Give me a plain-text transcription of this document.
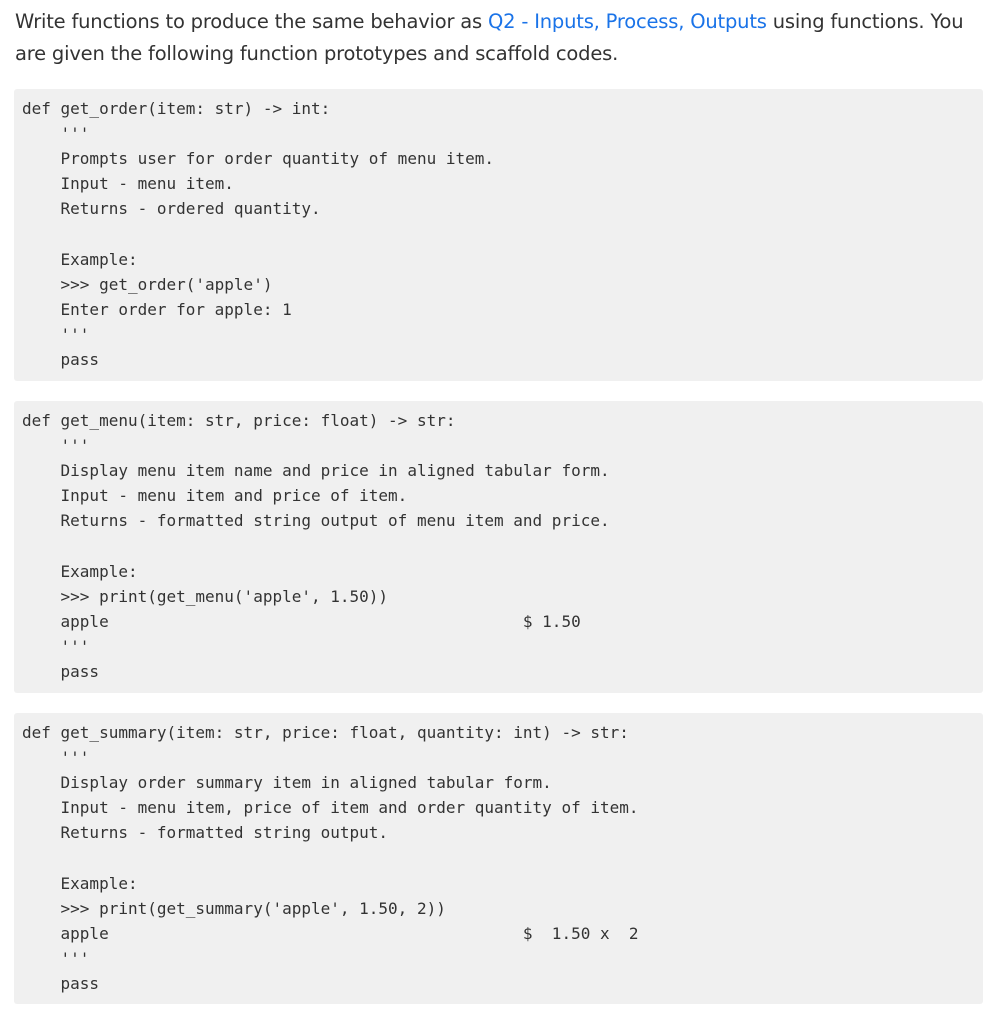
Write functions to produce the same behavior as Q2 - Inputs, Process, Outputs using functions. You are given the following function prototypes and scaffold codes.

def get_order(item: str) -> int:
'''
Prompts user for order quantity of menu item.
Input - menu item.
Returns - ordered quantity.
Example:
>>> get_order('apple')
Enter order for apple: 1
'''
pass
def get_menu(item: str, price: float) -> str:
'''
Display menu item name and price in aligned tabular form.
Input - menu item and price of item.
Returns - formatted string output of menu item and price.
Example:
>>> print(get_menu('apple', 1.50))
apple                                           $ 1.50
'''
pass
def get_summary(item: str, price: float, quantity: int) -> str:
'''
Display order summary item in aligned tabular form.
Input - menu item, price of item and order quantity of item.
Returns - formatted string output.
Example:
>>> print(get_summary('apple', 1.50, 2))
apple                                           $  1.50 x  2
'''
pass
